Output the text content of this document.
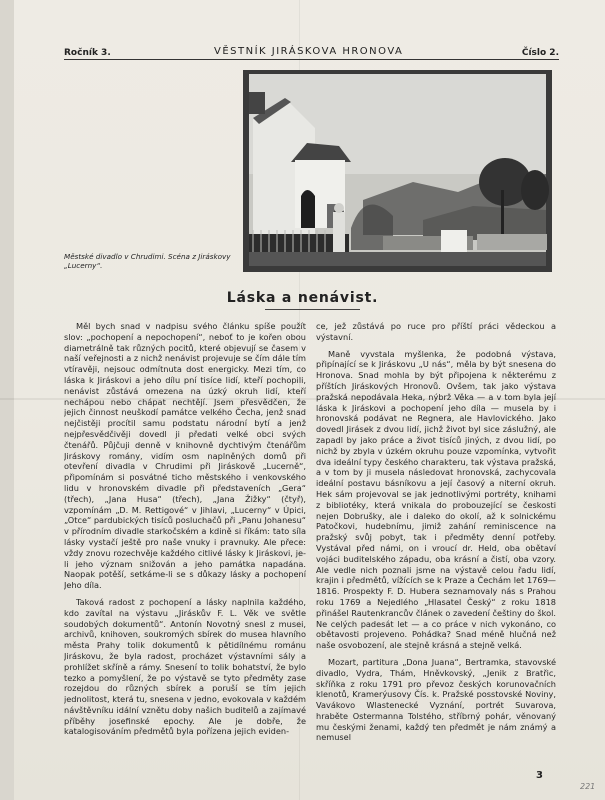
Ročník 3.	VĚSTNÍK JIRÁSKOVA HRONOVA	Číslo 2.
Městské divadlo v Chrudimi. Scéna z Jiráskovy „Lucerny“.
Láska a nenávist.

Měl bych snad v nadpisu svého článku spíše použít slov: „pochopení a nepochopení“, neboť to je kořen obou diametrálně tak různých pocitů, které objevují se časem v naší veřejnosti a z nichž nenávist projevuje se čím dále tím vtíravěji, nejsouc odmítnuta dost energicky. Mezi tím, co láska k Jiráskovi a jeho dílu pní tisíce lidí, kteří pochopili, nenávist zůstává omezena na úzký okruh lidí, kteří nechápou nebo chápat nechtějí. Jsem přesvědčen, že jejich činnost neuškodí památce velkého Čecha, jenž snad nejčistěji procítil samu podstatu národní bytí a jenž nejpřesvědčivěji dovedl ji předati velké obci svých čtenářů. Půjčuji denně v knihovně dychtivým čtenářům Jiráskovy romány, vidím osm naplněných domů při otevření divadla v Chrudimi při Jiráskově „Lucerně“, připomínám si posvátné ticho městského i venkovského lidu v hronovském divadle při představeních „Gera“ (třech), „Jana Husa“ (třech), „Jana Žižky“ (čtyř), vzpomínám „D. M. Rettigové“ v Jihlavi, „Lucerny“ v Úpici, „Otce“ pardubických tisíců posluchačů při „Panu Johanesu“ v přírodním divadle starkočském a kdině si říkám: tato síla lásky vystačí ještě pro naše vnuky i pravnuky. Ale přece: vždy znovu rozechvěje každého citlivé lásky k Jiráskovi, je-li jeho význam snižován a jeho památka napadána. Naopak potěší, setkáme-li se s důkazy lásky a pochopení Jeho díla.

Taková radost z pochopení a lásky naplnila každého, kdo zavítal na výstavu „Jiráskův F. L. Věk ve světle soudobých dokumentů“. Antonín Novotný snesl z musei, archivů, knihoven, soukromých sbírek do musea hlavního města Prahy tolik dokumentů k pětidílnému románu Jiráskovu, že byla radost, procházet výstavními sály a prohlížet skříně a rámy. Snesení to tolik bohatství, že bylo tezko a pomyšlení, že po výstavě se tyto předměty zase rozejdou do různých sbírek a poruší se tím jejich jednolitost, která tu, snesena v jedno, evokovala v každém návštěvníku idální vznětu doby našich buditelů a zajímavé příběhy josefinské epochy. Ale je dobře, že katalogisováním předmětů byla pořízena jejich eviden-

ce, jež zůstává po ruce pro příští práci vědeckou a výstavní.

Maně vyvstala myšlenka, že podobná výstava, připínající se k Jiráskovu „U nás“, měla by být snesena do Hronova. Snad mohla by být připojena k některému z příštích Jiráskových Hronovů. Ovšem, tak jako výstava pražská nepodávala Heka, nýbrž Věka — a v tom byla její láska k Jiráskovi a pochopení jeho díla — musela by i hronovská podávat ne Regnera, ale Havlovického. Jako dovedl Jirásek z dvou lidí, jichž život byl sice záslužný, ale zapadl by jako práce a život tisíců jiných, z dvou lidí, po nichž by zbyla v úzkém okruhu pouze vzpomínka, vytvořit dva ideální typy českého charakteru, tak výstava pražská, a v tom by ji musela následovat hronovská, zachycovala ideální postavu básníkovu a její časový a niterní okruh. Hek sám projevoval se jak jednotlivými portréty, knihami z bibliotéky, která vnikala do probouzející se českosti nejen Dobrušky, ale i daleko do okolí, až k solnickému Patočkovi, hudebnímu, jimiž zahání reminiscence na pražský svůj pobyt, tak i předměty denní potřeby. Vystával před námi, on i vroucí dr. Held, oba obětaví vojáci buditelského západu, oba krásní a čistí, oba vzory. Ale vedle nich poznali jsme na výstavě celou řadu lidí, krajin i předmětů, vížících se k Praze a Čechám let 1769—1816. Prospekty F. D. Hubera seznamovaly nás s Prahou roku 1769 a Nejedlého „Hlasatel Český“ z roku 1818 přinášel Rautenkrancův článek o zavedení češtiny do škol. Ne celých padesát let — a co práce v nich vykonáno, co obětavosti projeveno. Pohádka? Snad méně hlučná než naše osvobození, ale stejně krásná a stejně velká.

Mozart, partitura „Dona Juana“, Bertramka, stavovské divadlo, Vydra, Thám, Hněvkovský, „Jenik z Bratřic, skříňka z roku 1791 pro převoz českých korunovačních klenotů, Kramerýusovy Čís. k. Pražské posstovské Noviny, Vavákovo Wlastenecké Vyznání, portrét Suvarova, hraběte Ostermanna Tolstého, stříbrný pohár, věnovaný mu českými ženami, každý ten předmět je nám známý a nemusel

3
221
